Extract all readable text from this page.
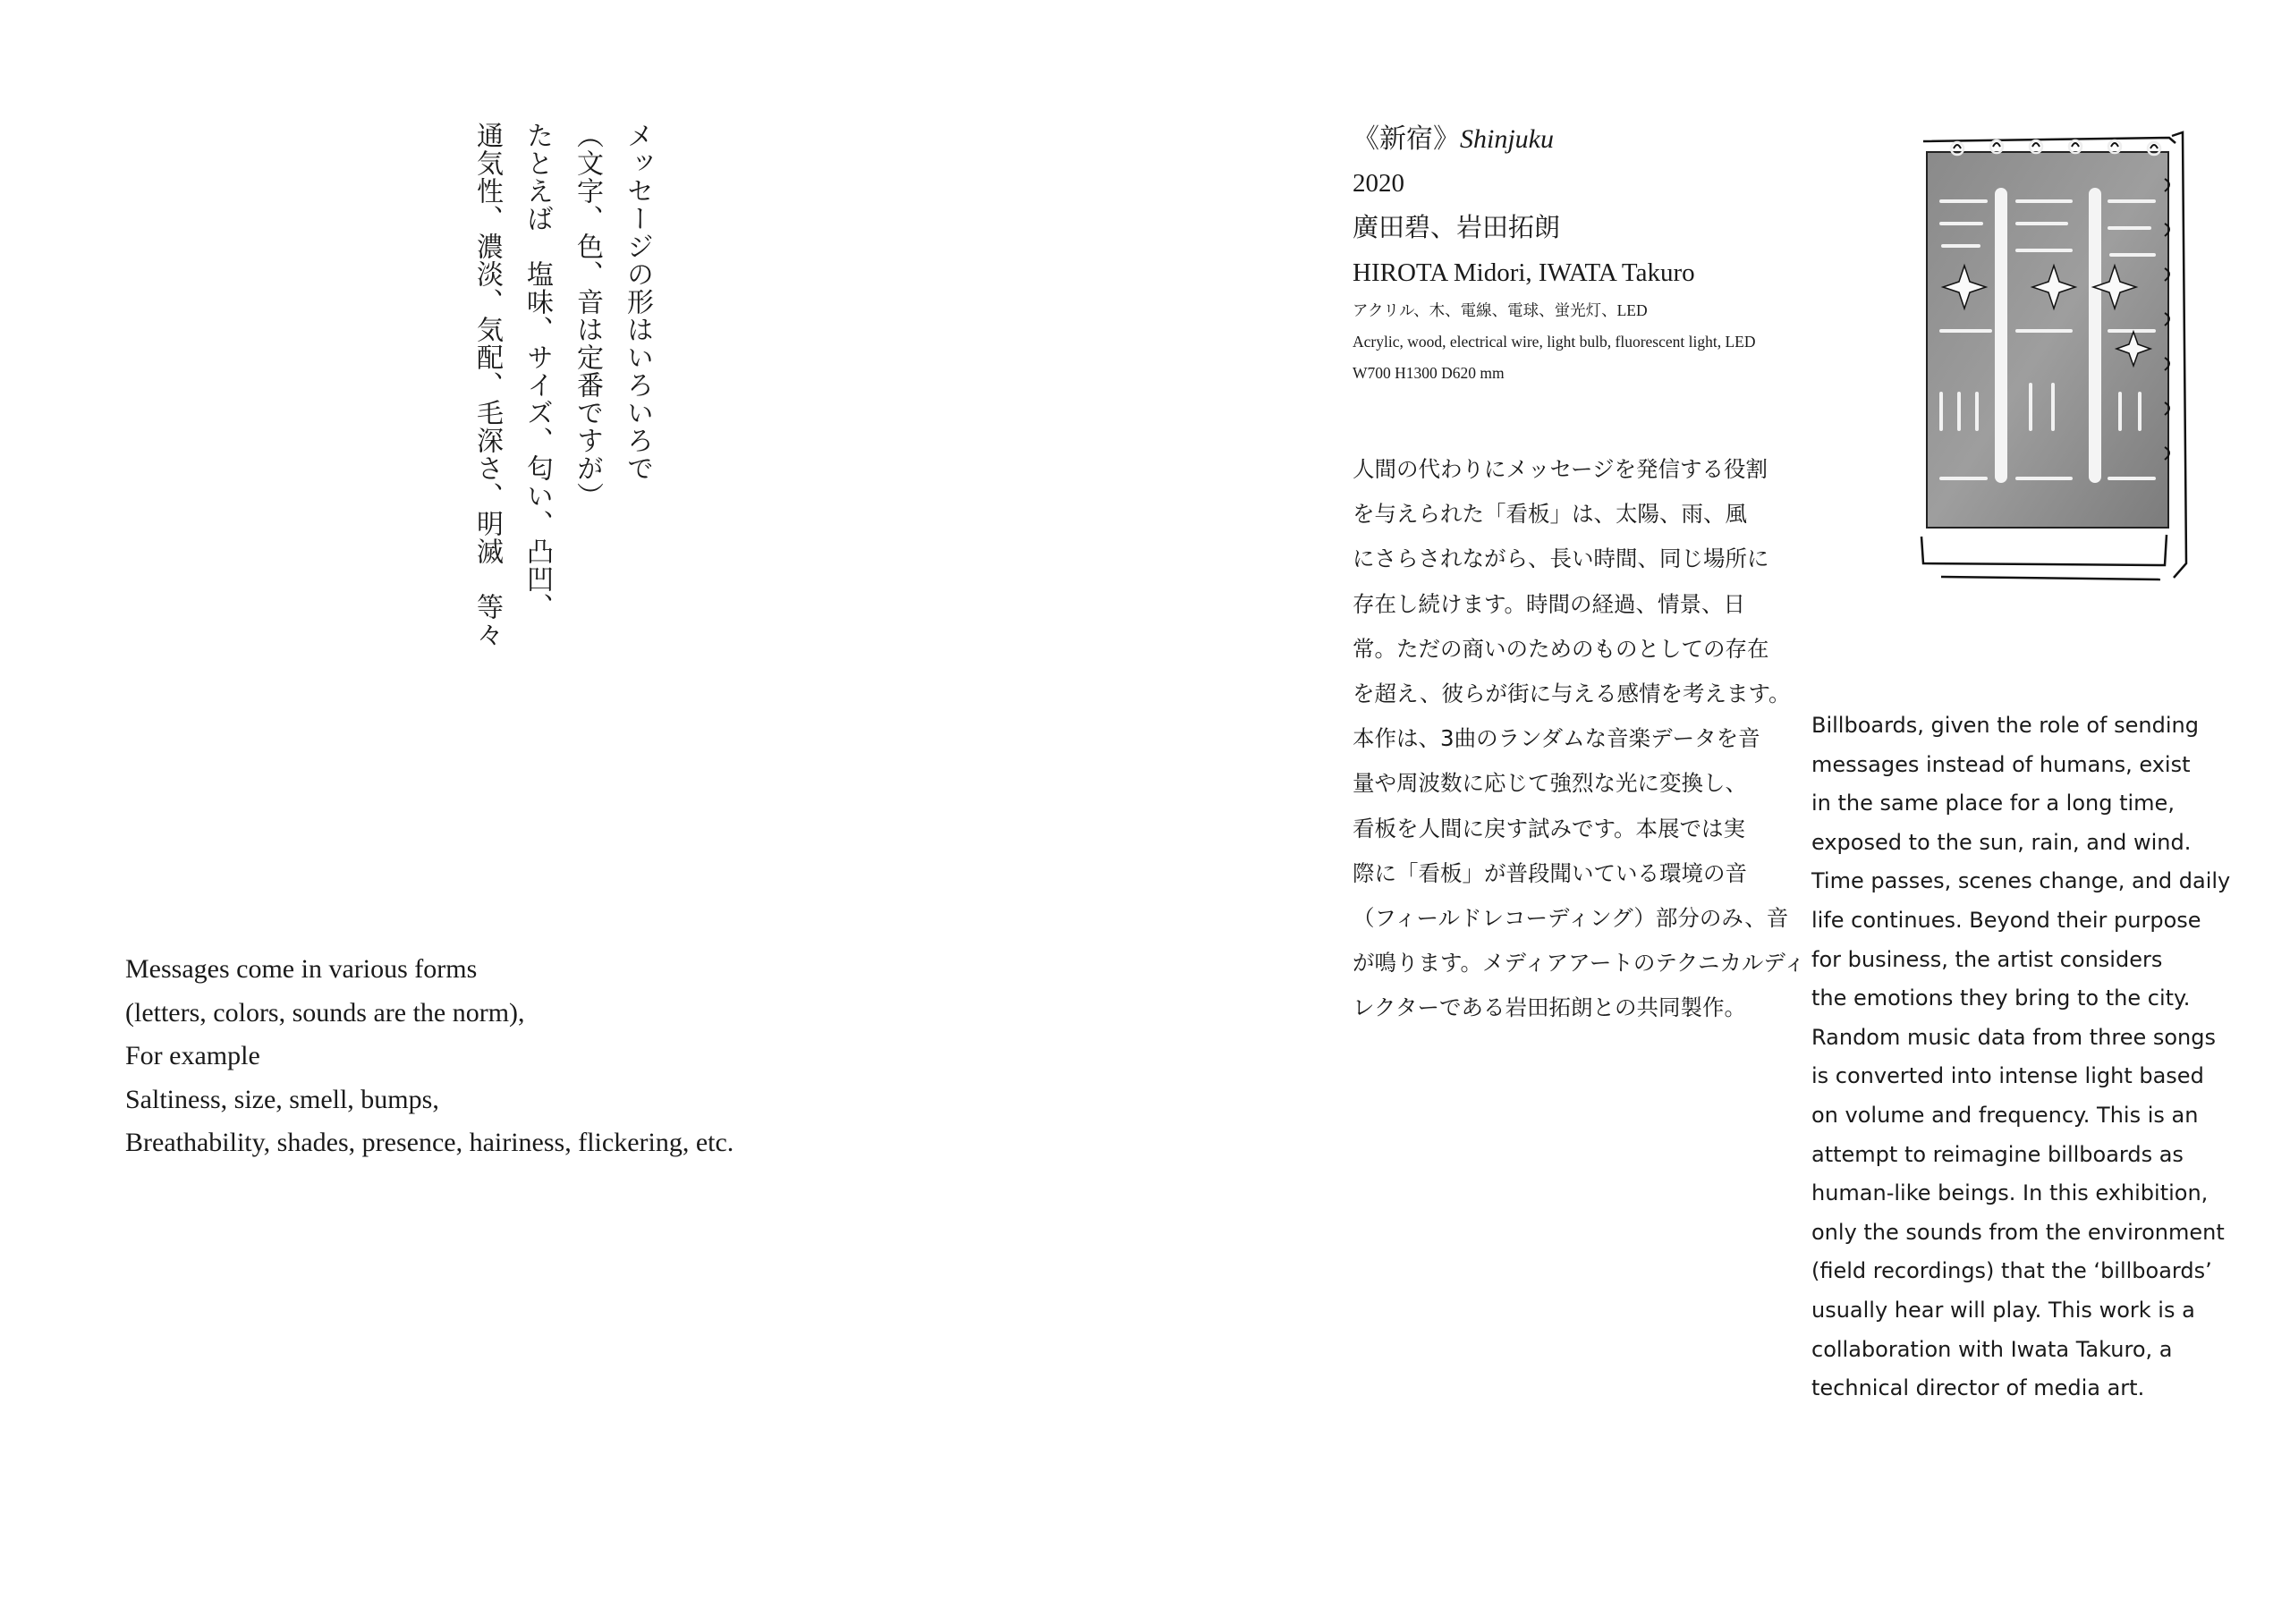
メッセージの形はいろいろで
（文字、色、音は定番ですが）
たとえば　塩味、サイズ、匂い、凸凹、
通気性、濃淡、気配、毛深さ、明滅　等々
Messages come in various forms
(letters, colors, sounds are the norm),
For example
Saltiness, size, smell, bumps,
Breathability, shades, presence, hairiness, flickering, etc.
《新宿》Shinjuku
2020
廣田碧、岩田拓朗
HIROTA Midori, IWATA Takuro
アクリル、木、電線、電球、蛍光灯、LED
Acrylic, wood, electrical wire, light bulb, fluorescent light, LED
W700 H1300 D620 mm
人間の代わりにメッセージを発信する役割
を与えられた「看板」は、太陽、雨、風
にさらされながら、長い時間、同じ場所に
存在し続けます。時間の経過、情景、日
常。ただの商いのためのものとしての存在
を超え、彼らが街に与える感情を考えます。
本作は、3曲のランダムな音楽データを音
量や周波数に応じて強烈な光に変換し、
看板を人間に戻す試みです。本展では実
際に「看板」が普段聞いている環境の音
（フィールドレコーディング）部分のみ、音
が鳴ります。メディアアートのテクニカルディ
レクターである岩田拓朗との共同製作。
Billboards, given the role of sending
messages instead of humans, exist
in the same place for a long time,
exposed to the sun, rain, and wind.
Time passes, scenes change, and daily
life continues. Beyond their purpose
for business, the artist considers
the emotions they bring to the city.
Random music data from three songs
is converted into intense light based
on volume and frequency. This is an
attempt to reimagine billboards as
human-like beings. In this exhibition,
only the sounds from the environment
(field recordings) that the ‘billboards’
usually hear will play. This work is a
collaboration with Iwata Takuro, a
technical director of media art.
